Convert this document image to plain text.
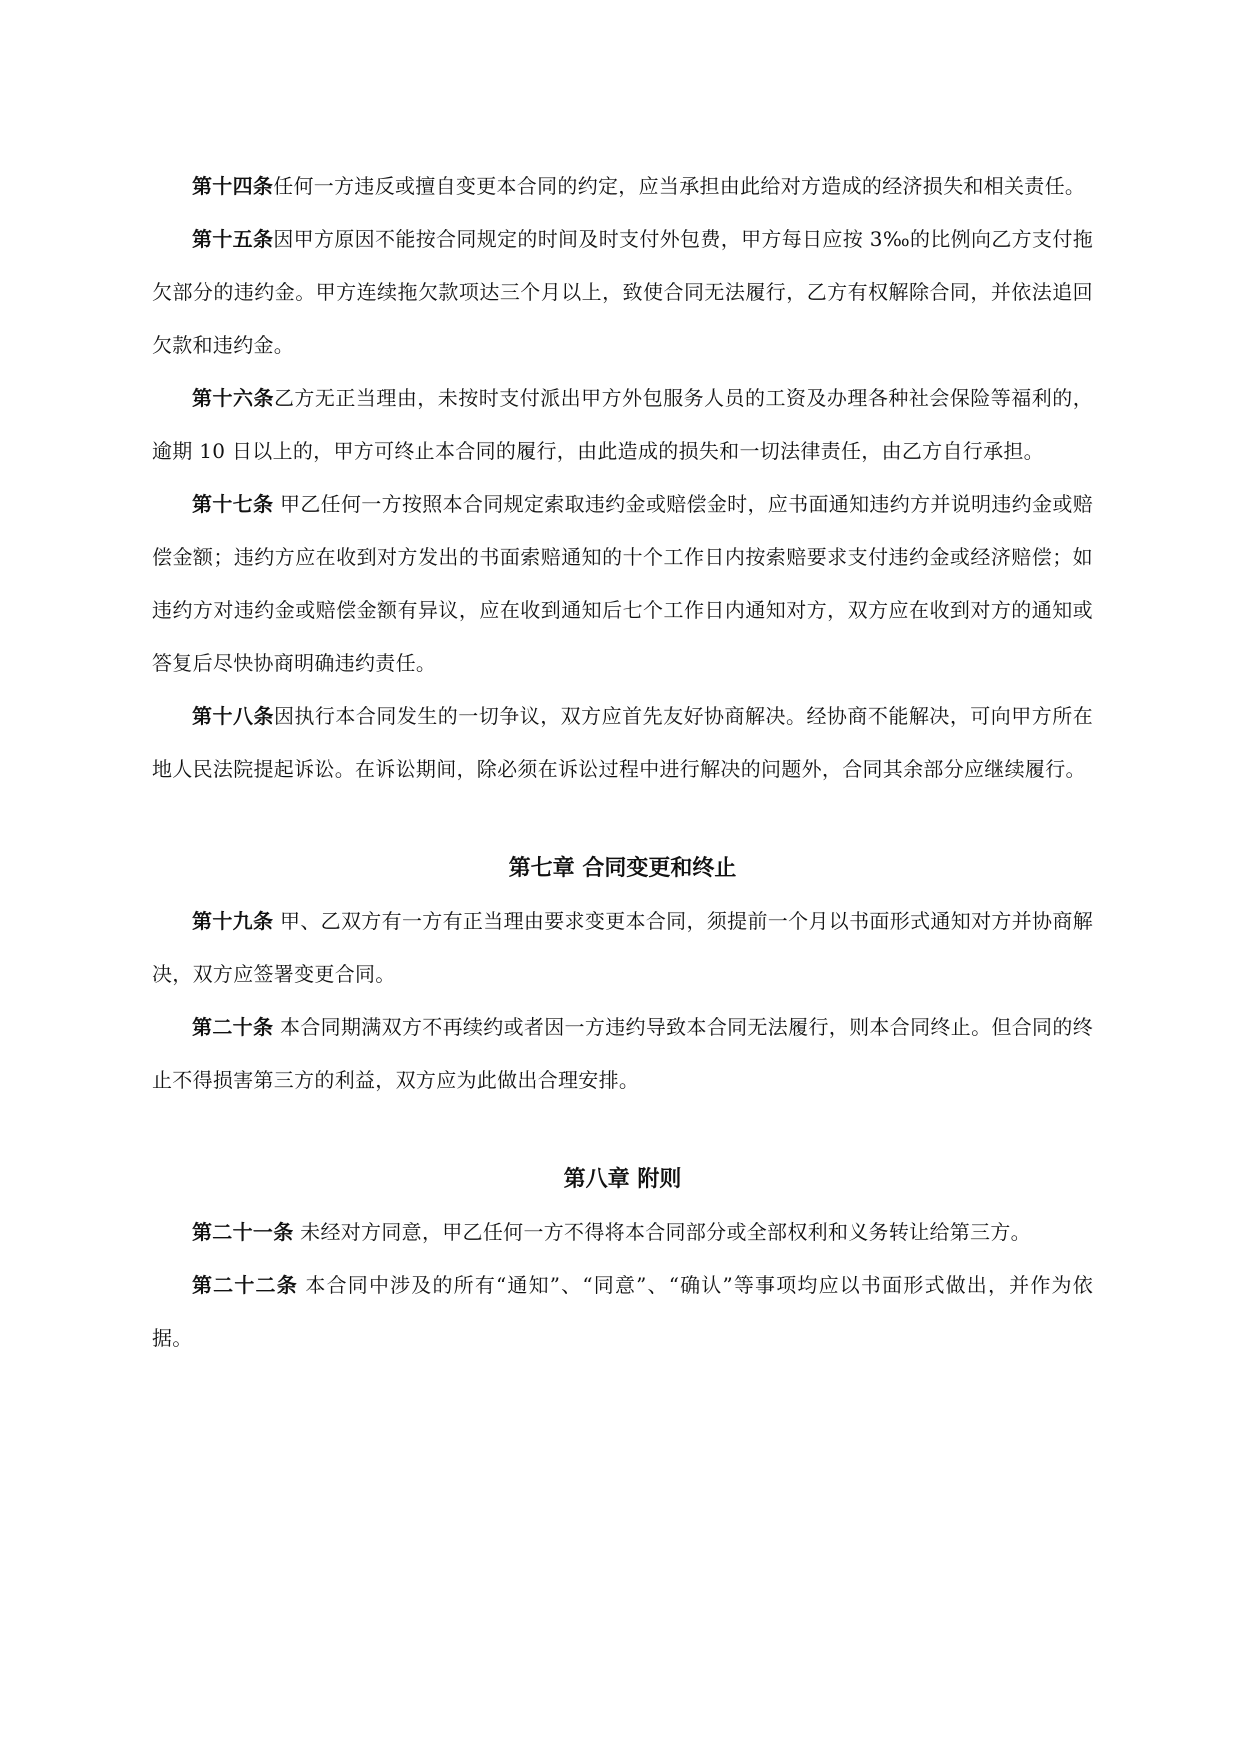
第十四条任何一方违反或擅自变更本合同的约定，应当承担由此给对方造成的经济损失和相关责任。

第十五条因甲方原因不能按合同规定的时间及时支付外包费，甲方每日应按 3‰的比例向乙方支付拖欠部分的违约金。甲方连续拖欠款项达三个月以上，致使合同无法履行，乙方有权解除合同，并依法追回欠款和违约金。

第十六条乙方无正当理由，未按时支付派出甲方外包服务人员的工资及办理各种社会保险等福利的，逾期 10 日以上的，甲方可终止本合同的履行，由此造成的损失和一切法律责任，由乙方自行承担。

第十七条 甲乙任何一方按照本合同规定索取违约金或赔偿金时，应书面通知违约方并说明违约金或赔偿金额；违约方应在收到对方发出的书面索赔通知的十个工作日内按索赔要求支付违约金或经济赔偿；如违约方对违约金或赔偿金额有异议，应在收到通知后七个工作日内通知对方，双方应在收到对方的通知或答复后尽快协商明确违约责任。

第十八条因执行本合同发生的一切争议，双方应首先友好协商解决。经协商不能解决，可向甲方所在地人民法院提起诉讼。在诉讼期间，除必须在诉讼过程中进行解决的问题外，合同其余部分应继续履行。

第七章 合同变更和终止

第十九条 甲、乙双方有一方有正当理由要求变更本合同，须提前一个月以书面形式通知对方并协商解决，双方应签署变更合同。

第二十条 本合同期满双方不再续约或者因一方违约导致本合同无法履行，则本合同终止。但合同的终止不得损害第三方的利益，双方应为此做出合理安排。

第八章 附则

第二十一条 未经对方同意，甲乙任何一方不得将本合同部分或全部权利和义务转让给第三方。

第二十二条 本合同中涉及的所有“通知”、“同意”、“确认”等事项均应以书面形式做出，并作为依据。
